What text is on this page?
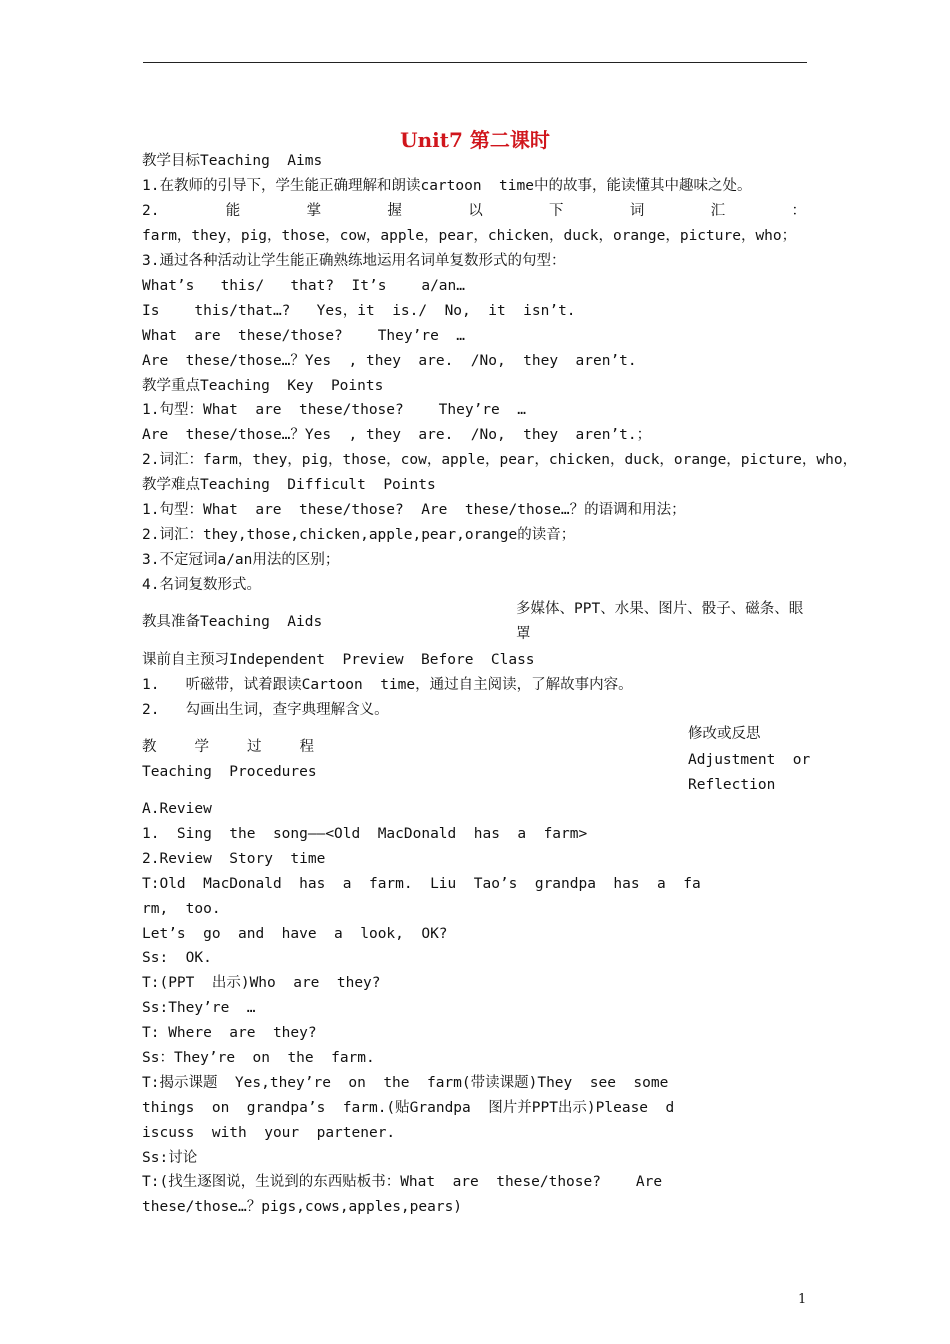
Unit7 第二课时
教学目标Teaching  Aims
1.在教师的引导下，学生能正确理解和朗读cartoon  time中的故事，能读懂其中趣味之处。
2.	能	掌	握	以	下	词	汇	：
farm，they，pig，those，cow，apple，pear，chicken，duck，orange，picture，who；
3.通过各种活动让学生能正确熟练地运用名词单复数形式的句型：
What’s   this/   that?  It’s    a/an…
Is    this/that…?   Yes，it  is./  No,  it  isn’t.
What  are  these/those?    They’re  …
Are  these/those…？Yes  , they  are.  /No,  they  aren’t.
教学重点Teaching  Key  Points
1.句型：What  are  these/those?    They’re  …
Are  these/those…？Yes  , they  are.  /No,  they  aren’t.；
2.词汇：farm，they，pig，those，cow，apple，pear，chicken，duck，orange，picture，who，
教学难点Teaching  Difficult  Points
1.句型：What  are  these/those?  Are  these/those…？的语调和用法；
2.词汇：they,those,chicken,apple,pear,orange的读音；
3.不定冠词a/an用法的区别；
4.名词复数形式。
教具准备Teaching  Aids
多媒体、PPT、水果、图片、骰子、磁条、眼罩
课前自主预习Independent  Preview  Before  Class
1.   听磁带，试着跟读Cartoon  time，通过自主阅读，了解故事内容。
2.   勾画出生词，查字典理解含义。
教	学	过	程
Teaching  Procedures
修改或反思
Adjustment  or
Reflection
A.Review
1.  Sing  the  song——<Old  MacDonald  has  a  farm>
2.Review  Story  time
T:Old  MacDonald  has  a  farm.  Liu  Tao’s  grandpa  has  a  fa
rm,  too.
Let’s  go  and  have  a  look,  OK?
Ss:  OK.
T:(PPT  出示)Who  are  they?
Ss:They’re  …
T: Where  are  they?
Ss：They’re  on  the  farm.
T:揭示课题  Yes,they’re  on  the  farm(带读课题)They  see  some
things  on  grandpa’s  farm.(贴Grandpa  图片并PPT出示)Please  d
iscuss  with  your  partener.
Ss:讨论
T:(找生逐图说，生说到的东西贴板书：What  are  these/those?    Are
these/those…？pigs,cows,apples,pears)
1
